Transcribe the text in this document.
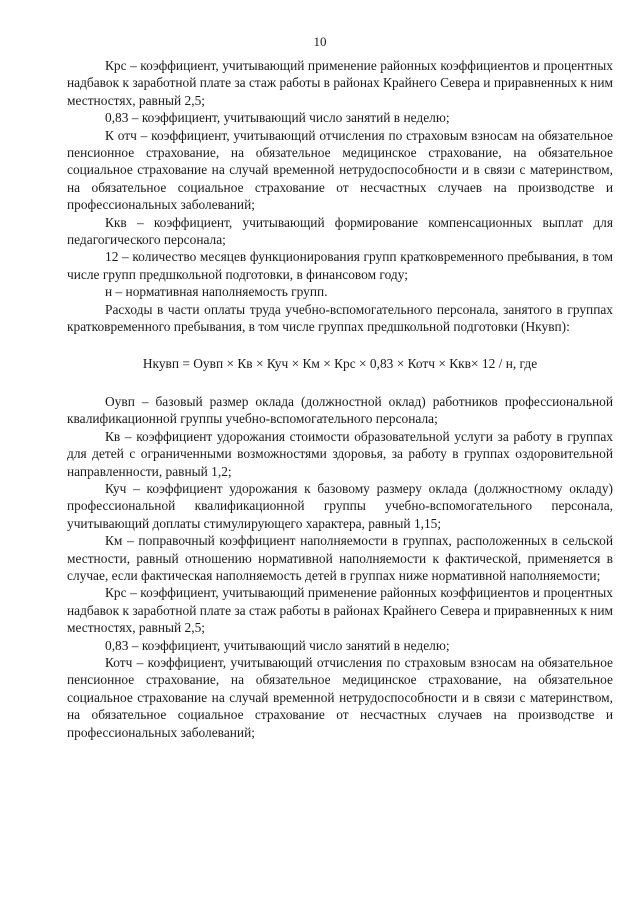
10

Крс – коэффициент, учитывающий применение районных коэффициентов и процентных надбавок к заработной плате за стаж работы в районах Крайнего Севера и приравненных к ним местностях, равный 2,5;

0,83 – коэффициент, учитывающий число занятий в неделю;

К отч – коэффициент, учитывающий отчисления по страховым взносам на обязательное пенсионное страхование, на обязательное медицинское страхование, на обязательное социальное страхование на случай временной нетрудоспособности и в связи с материнством, на обязательное социальное страхование от несчастных случаев на производстве и профессиональных заболеваний;

Ккв – коэффициент, учитывающий формирование компенсационных выплат для педагогического персонала;

12 – количество месяцев функционирования групп кратковременного пребывания, в том числе групп предшкольной подготовки, в финансовом году;

н – нормативная наполняемость групп.

Расходы в части оплаты труда учебно-вспомогательного персонала, занятого в группах кратковременного пребывания, в том числе группах предшкольной подготовки (Нкувп):

Нкувп = Оувп × Кв × Куч × Км × Крс × 0,83 × Котч × Ккв× 12 / н, где

Оувп – базовый размер оклада (должностной оклад) работников профессиональной квалификационной группы учебно-вспомогательного персонала;

Кв – коэффициент удорожания стоимости образовательной услуги за работу в группах для детей с ограниченными возможностями здоровья, за работу в группах оздоровительной направленности, равный 1,2;

Куч – коэффициент удорожания к базовому размеру оклада (должностному окладу) профессиональной квалификационной группы учебно-вспомогательного персонала, учитывающий доплаты стимулирующего характера, равный 1,15;

Км – поправочный коэффициент наполняемости в группах, расположенных в сельской местности, равный отношению нормативной наполняемости к фактической, применяется в случае, если фактическая наполняемость детей в группах ниже нормативной наполняемости;

Крс – коэффициент, учитывающий применение районных коэффициентов и процентных надбавок к заработной плате за стаж работы в районах Крайнего Севера и приравненных к ним местностях, равный 2,5;

0,83 – коэффициент, учитывающий число занятий в неделю;

Котч – коэффициент, учитывающий отчисления по страховым взносам на обязательное пенсионное страхование, на обязательное медицинское страхование, на обязательное социальное страхование на случай временной нетрудоспособности и в связи с материнством, на обязательное социальное страхование от несчастных случаев на производстве и профессиональных заболеваний;
